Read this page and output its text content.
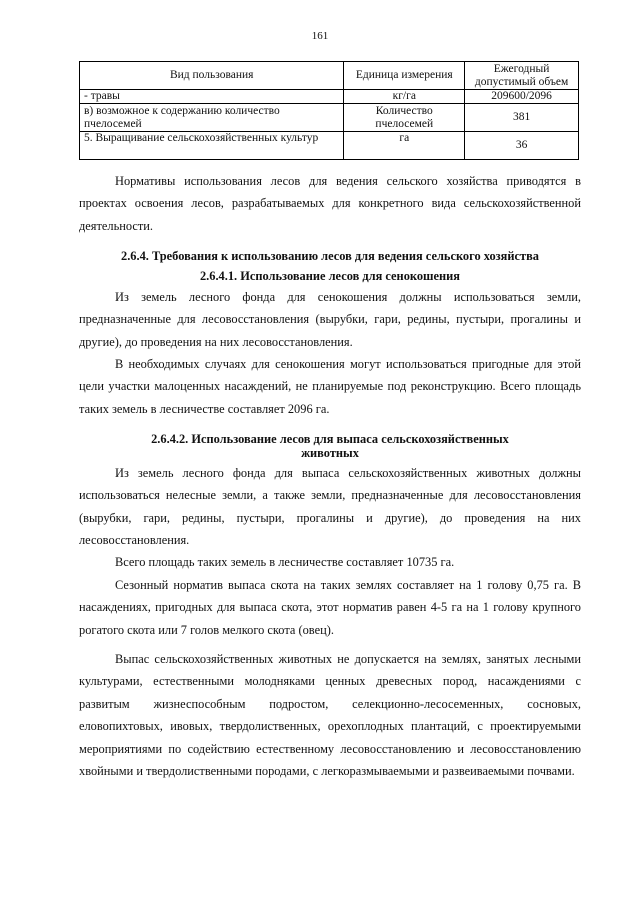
161
Вид пользования	Единица измерения	Ежегодный допустимый объем
- травы	кг/га	209600/2096
в) возможное к содержанию количество пчелосемей	Количество пчелосемей	381
5. Выращивание сельскохозяйственных культур	га	36

Нормативы использования лесов для ведения сельского хозяйства приводятся в проектах освоения лесов, разрабатываемых для конкретного вида сельскохозяйственной деятельности.

2.6.4. Требования к использованию лесов для ведения сельского хозяйства
2.6.4.1. Использование лесов для сенокошения

Из земель лесного фонда для сенокошения должны использоваться земли, предназначенные для лесовосстановления (вырубки, гари, редины, пустыри, прогалины и другие), до проведения на них лесовосстановления.

В необходимых случаях для сенокошения могут использоваться пригодные для этой цели участки малоценных насаждений, не планируемые под реконструкцию. Всего площадь таких земель в лесничестве составляет 2096 га.

2.6.4.2. Использование лесов для выпаса сельскохозяйственных
животных

Из земель лесного фонда для выпаса сельскохозяйственных животных должны использоваться нелесные земли, а также земли, предназначенные для лесовосстановления (вырубки, гари, редины, пустыри, прогалины и другие), до проведения на них лесовосстановления.

Всего площадь таких земель в лесничестве составляет 10735 га.

Сезонный норматив выпаса скота на таких землях составляет на 1 голову 0,75 га. В насаждениях, пригодных для выпаса скота, этот норматив равен 4-5 га на 1 голову крупного рогатого скота или 7 голов мелкого скота (овец).

Выпас сельскохозяйственных животных не допускается на землях, занятых лесными культурами, естественными молодняками ценных древесных пород, насаждениями с развитым жизнеспособным подростом, селекционно-лесосеменных, сосновых, еловопихтовых, ивовых, твердолиственных, орехоплодных плантаций, с проектируемыми мероприятиями по содействию естественному лесовосстановлению и лесовосстановлению хвойными и твердолиственными породами, с легкоразмываемыми и развеиваемыми почвами.
